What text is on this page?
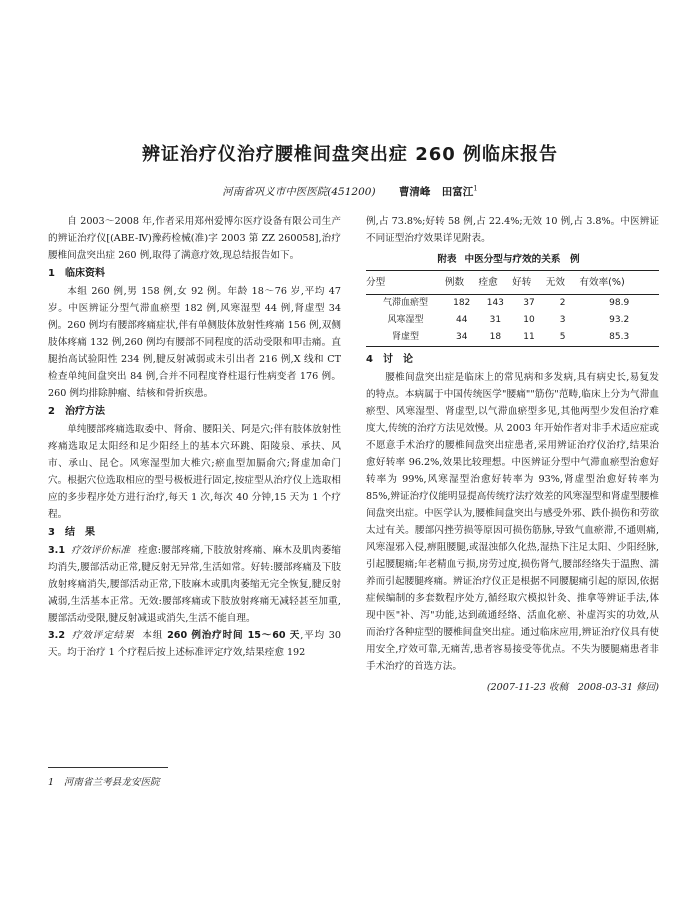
辨证治疗仪治疗腰椎间盘突出症 260 例临床报告
河南省巩义市中医医院(451200) 曹清峰 田富江$^1$

自 2003～2008 年,作者采用郑州爱博尔医疗设备有限公司生产的辨证治疗仪[(ABE-Ⅳ)豫药检械(准)字 2003 第 ZZ 260058],治疗腰椎间盘突出症 260 例,取得了满意疗效,现总结报告如下。

1　临床资料

本组 260 例,男 158 例,女 92 例。年龄 18～76 岁,平均 47 岁。中医辨证分型气滞血瘀型 182 例,风寒湿型 44 例,肾虚型 34 例。260 例均有腰部疼痛症状,伴有单侧肢体放射性疼痛 156 例,双侧肢体疼痛 132 例,260 例均有腰部不同程度的活动受限和叩击痛。直腿抬高试验阳性 234 例,腱反射减弱或未引出者 216 例,X 线和 CT 检查单纯间盘突出 84 例,合并不同程度脊柱退行性病变者 176 例。260 例均排除肿瘤、结核和骨折疾患。

2　治疗方法

单纯腰部疼痛选取委中、肾俞、腰阳关、阿是穴;伴有肢体放射性疼痛选取足太阳经和足少阳经上的基本穴环跳、阳陵泉、承扶、风市、承山、昆仑。风寒湿型加大椎穴;瘀血型加膈俞穴;肾虚加命门穴。根据穴位选取相应的型号极板进行固定,按症型从治疗仪上选取相应的多步程序处方进行治疗,每天 1 次,每次 40 分钟,15 天为 1 个疗程。

3　结　果

3.1 疗效评价标准 痊愈:腰部疼痛,下肢放射疼痛、麻木及肌肉萎缩均消失,腰部活动正常,腱反射无异常,生活如常。好转:腰部疼痛及下肢放射疼痛消失,腰部活动正常,下肢麻木或肌肉萎缩无完全恢复,腱反射减弱,生活基本正常。无效:腰部疼痛或下肢放射疼痛无减轻甚至加重,腰部活动受限,腱反射减退或消失,生活不能自理。

3.2 疗效评定结果 本组 260 例治疗时间 15～60 天,平均 30 天。均于治疗 1 个疗程后按上述标准评定疗效,结果痊愈 192

例,占 73.8%;好转 58 例,占 22.4%;无效 10 例,占 3.8%。中医辨证不同证型治疗效果详见附表。

附表 中医分型与疗效的关系　例
分型	例数	痊愈	好转	无效	有效率(%)
气滞血瘀型	182	143	37	2	98.9
风寒湿型	44	31	10	3	93.2
肾虚型	34	18	11	5	85.3
4　讨　论

腰椎间盘突出症是临床上的常见病和多发病,具有病史长,易复发的特点。本病属于中国传统医学"腰痛""筋伤"范畴,临床上分为气滞血瘀型、风寒湿型、肾虚型,以气滞血瘀型多见,其他两型少发但治疗难度大,传统的治疗方法见效慢。从 2003 年开始作者对非手术适应症或不愿意手术治疗的腰椎间盘突出症患者,采用辨证治疗仪治疗,结果治愈好转率 96.2%,效果比较理想。中医辨证分型中气滞血瘀型治愈好转率为 99%,风寒湿型治愈好转率为 93%,肾虚型治愈好转率为 85%,辨证治疗仪能明显提高传统疗法疗效差的风寒湿型和肾虚型腰椎间盘突出症。中医学认为,腰椎间盘突出与感受外邪、跌仆损伤和劳欲太过有关。腰部闪挫劳损等原因可损伤筋脉,导致气血瘀滞,不通则痛,风寒湿邪入侵,痹阻腰腿,或湿浊郁久化热,湿热下注足太阳、少阳经脉,引起腰腿痛;年老精血亏损,房劳过度,损伤肾气,腰部经络失于温煦、濡养而引起腰腿疼痛。辨证治疗仪正是根据不同腰腿痛引起的原因,依据症候编制的多套数程序处方,循经取穴模拟针灸、推拿等辨证手法,体现中医"补、泻"功能,达到疏通经络、活血化瘀、补虚泻实的功效,从而治疗各种症型的腰椎间盘突出症。通过临床应用,辨证治疗仪具有使用安全,疗效可靠,无痛苦,患者容易接受等优点。不失为腰腿痛患者非手术治疗的首选方法。

(2007-11-23 收稿　2008-03-31 修回)
1　河南省兰考县龙安医院
